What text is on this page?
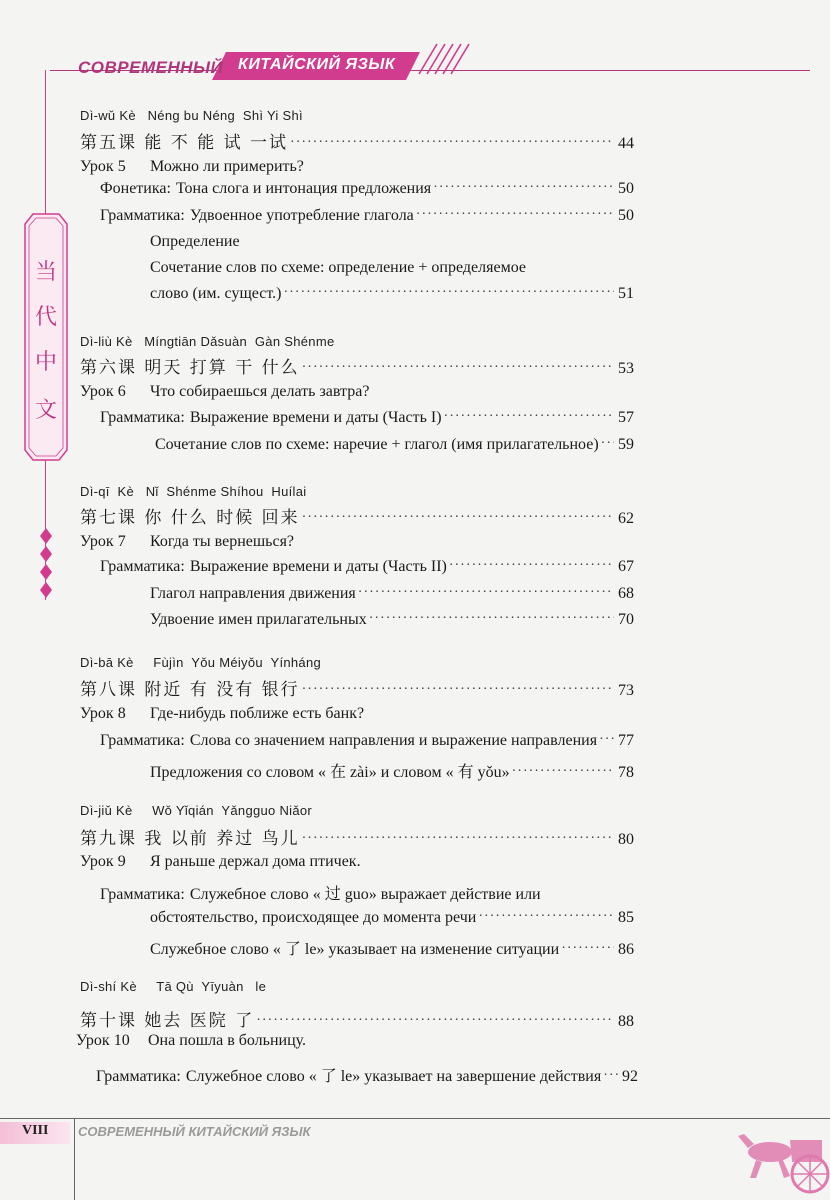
СОВРЕМЕННЫЙ КИТАЙСКИЙ ЯЗЫК
当
代
中
文
Dì-wǔ Kè   Néng bu Néng  Shì Yi Shì
第五课 能 不 能 试 一试 ·····	44
Урок 5	Можно ли примерить?
Фонетика: Тона слога и интонация предложения ·····	50
Грамматика: Удвоенное употребление глагола ·····	50
Определение
Сочетание слов по схеме: определение + определяемое
слово (им. сущест.) ·····	51
Dì-liù Kè   Míngtiān Dǎsuàn  Gàn Shénme
第六课 明天 打算 干 什么 ·····	53
Урок 6	Что собираешься делать завтра?
Грамматика: Выражение времени и даты (Часть I) ·····	57
Сочетание слов по схеме: наречие + глагол (имя прилагательное) ····· 59
Dì-qī  Kè   Nǐ  Shénme Shíhou  Huílai
第七课 你 什么 时候 回来 ·····	62
Урок 7	Когда ты вернешься?
Грамматика: Выражение времени и даты (Часть II) ·····	67
Глагол направления движения ·····	68
Удвоение имен прилагательных ·····	70
Dì-bā Kè     Fùjìn  Yǒu Méiyǒu  Yínháng
第八课 附近 有 没有 银行 ·····	73
Урок 8	Где-нибудь поближе есть банк?
Грамматика: Слова со значением направления и выражение направления ····· 77
Предложения со словом « 在 zài» и словом « 有 yǒu» ·····	78
Dì-jiǔ Kè     Wǒ Yǐqián  Yǎngguo Niǎor
第九课 我 以前 养过 鸟儿 ·····	80
Урок 9	Я раньше держал дома птичек.
Грамматика: Служебное слово « 过 guo» выражает действие или
обстоятельство, происходящее до момента речи ·····	85
Служебное слово « 了 le» указывает на изменение ситуации ·····	86
Dì-shí Kè     Tā Qù  Yīyuàn   le
第十课 她去 医院 了 ·····	88
Урок 10	Она пошла в больницу.
Грамматика: Служебное слово « 了 le» указывает на завершение действия ····· 92
VIII СОВРЕМЕННЫЙ КИТАЙСКИЙ ЯЗЫК
